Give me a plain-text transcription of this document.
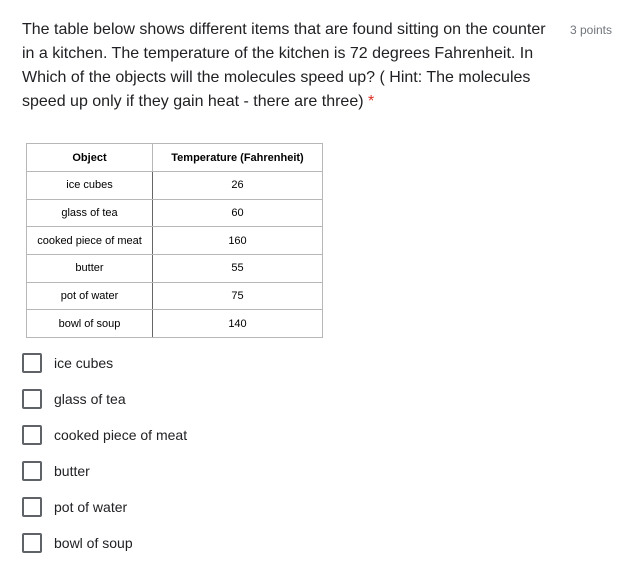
The table below shows different items that are found sitting on the counter in a kitchen. The temperature of the kitchen is 72 degrees Fahrenheit. In Which of the objects will the molecules speed up? ( Hint: The molecules speed up only if they gain heat - there are three) *
3 points
Object	Temperature (Fahrenheit)
ice cubes	26
glass of tea	60
cooked piece of meat	160
butter	55
pot of water	75
bowl of soup	140
ice cubes
glass of tea
cooked piece of meat
butter
pot of water
bowl of soup
